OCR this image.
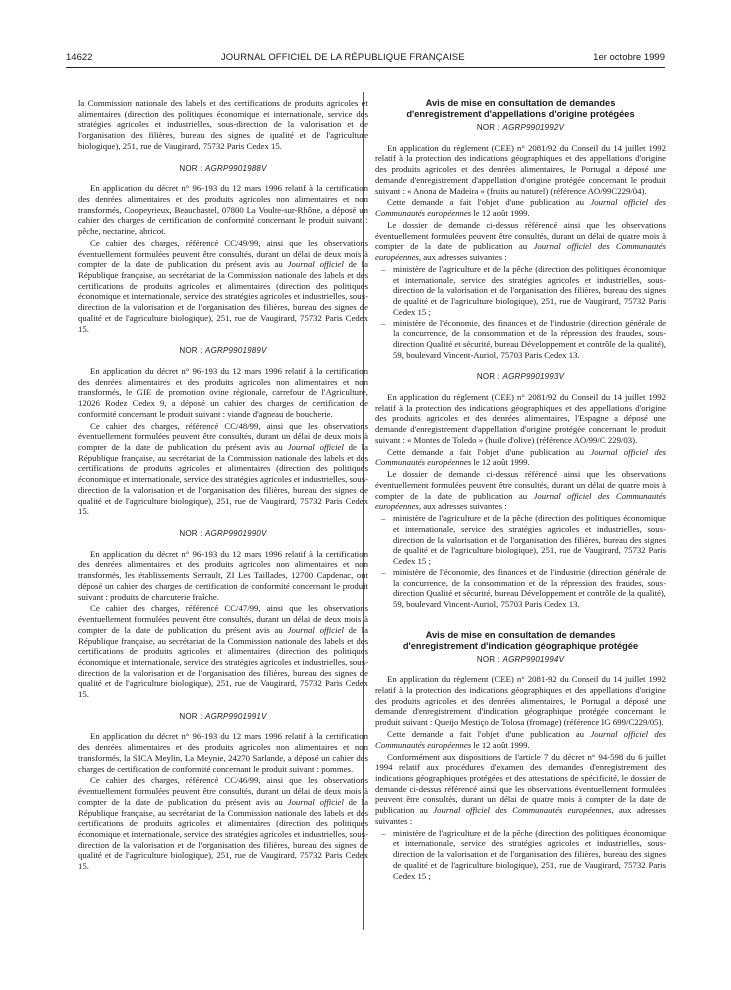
14622	JOURNAL OFFICIEL DE LA RÉPUBLIQUE FRANÇAISE	1er octobre 1999

la Commission nationale des labels et des certifications de produits agricoles et alimentaires (direction des politiques économique et internationale, service des stratégies agricoles et industrielles, sous-direction de la valorisation et de l'organisation des filières, bureau des signes de qualité et de l'agriculture biologique), 251, rue de Vaugirard, 75732 Paris Cedex 15.

NOR : AGRP9901988V

En application du décret n° 96-193 du 12 mars 1996 relatif à la certification des denrées alimentaires et des produits agricoles non alimentaires et non transformés, Coopeyrieux, Beauchastel, 07800 La Voulte-sur-Rhône, a déposé un cahier des charges de certification de conformité concernant le produit suivant : pêche, nectarine, abricot.

Ce cahier des charges, référencé CC/49/99, ainsi que les observations éventuellement formulées peuvent être consultés, durant un délai de deux mois à compter de la date de publication du présent avis au Journal officiel de la République française, au secrétariat de la Commission nationale des labels et des certifications de produits agricoles et alimentaires (direction des politiques économique et internationale, service des stratégies agricoles et industrielles, sous-direction de la valorisation et de l'organisation des filières, bureau des signes de qualité et de l'agriculture biologique), 251, rue de Vaugirard, 75732 Paris Cedex 15.

NOR : AGRP9901989V

En application du décret n° 96-193 du 12 mars 1996 relatif à la certification des denrées alimentaires et des produits agricoles non alimentaires et non transformés, le GIE de promotion ovine régionale, carrefour de l'Agriculture, 12026 Rodez Cedex 9, a déposé un cahier des charges de certification de conformité concernant le produit suivant : viande d'agneau de boucherie.

Ce cahier des charges, référencé CC/48/99, ainsi que les observations éventuellement formulées peuvent être consultés, durant un délai de deux mois à compter de la date de publication du présent avis au Journal officiel de la République française, au secrétariat de la Commission nationale des labels et des certifications de produits agricoles et alimentaires (direction des politiques économique et internationale, service des stratégies agricoles et industrielles, sous-direction de la valorisation et de l'organisation des filières, bureau des signes de qualité et de l'agriculture biologique), 251, rue de Vaugirard, 75732 Paris Cedex 15.

NOR : AGRP9901990V

En application du décret n° 96-193 du 12 mars 1996 relatif à la certification des denrées alimentaires et des produits agricoles non alimentaires et non transformés, les établissements Serrault, ZI Les Taillades, 12700 Capdenac, ont déposé un cahier des charges de certification de conformité concernant le produit suivant : produits de charcuterie fraîche.

Ce cahier des charges, référencé CC/47/99, ainsi que les observations éventuellement formulées peuvent être consultés, durant un délai de deux mois à compter de la date de publication du présent avis au Journal officiel de la République française, au secrétariat de la Commission nationale des labels et des certifications de produits agricoles et alimentaires (direction des politiques économique et internationale, service des stratégies agricoles et industrielles, sous-direction de la valorisation et de l'organisation des filières, bureau des signes de qualité et de l'agriculture biologique), 251, rue de Vaugirard, 75732 Paris Cedex 15.

NOR : AGRP9901991V

En application du décret n° 96-193 du 12 mars 1996 relatif à la certification des denrées alimentaires et des produits agricoles non alimentaires et non transformés, la SICA Meylin, La Meynie, 24270 Sarlande, a déposé un cahier des charges de certification de conformité concernant le produit suivant : pommes.

Ce cahier des charges, référencé CC/46/99, ainsi que les observations éventuellement formulées peuvent être consultés, durant un délai de deux mois à compter de la date de publication du présent avis au Journal officiel de la République française, au secrétariat de la Commission nationale des labels et des certifications de produits agricoles et alimentaires (direction des politiques économique et internationale, service des stratégies agricoles et industrielles, sous-direction de la valorisation et de l'organisation des filières, bureau des signes de qualité et de l'agriculture biologique), 251, rue de Vaugirard, 75732 Paris Cedex 15.

Avis de mise en consultation de demandes
d'enregistrement d'appellations d'origine protégées
NOR : AGRP9901992V

En application du règlement (CEE) n° 2081/92 du Conseil du 14 juillet 1992 relatif à la protection des indications géographiques et des appellations d'origine des produits agricoles et des denrées alimentaires, le Portugal a déposé une demande d'enregistrement d'appellation d'origine protégée concernant le produit suivant : « Anona de Madeira » (fruits au naturel) (référence AO/99C229/04).

Cette demande a fait l'objet d'une publication au Journal officiel des Communautés européennes le 12 août 1999.

Le dossier de demande ci-dessus référencé ainsi que les observations éventuellement formulées peuvent être consultés, durant un délai de quatre mois à compter de la date de publication au Journal officiel des Communautés européennes, aux adresses suivantes :

– ministère de l'agriculture et de la pêche (direction des politiques économique et internationale, service des stratégies agricoles et industrielles, sous-direction de la valorisation et de l'organisation des filières, bureau des signes de qualité et de l'agriculture biologique), 251, rue de Vaugirard, 75732 Paris Cedex 15 ;
– ministère de l'économie, des finances et de l'industrie (direction générale de la concurrence, de la consommation et de la répression des fraudes, sous-direction Qualité et sécurité, bureau Développement et contrôle de la qualité), 59, boulevard Vincent-Auriol, 75703 Paris Cedex 13.
NOR : AGRP9901993V

En application du règlement (CEE) n° 2081/92 du Conseil du 14 juillet 1992 relatif à la protection des indications géographiques et des appellations d'origine des produits agricoles et des denrées alimentaires, l'Espagne a déposé une demande d'enregistrement d'appellation d'origine protégée concernant le produit suivant : « Montes de Toledo » (huile d'olive) (référence AO/99/C 229/03).

Cette demande a fait l'objet d'une publication au Journal officiel des Communautés européennes le 12 août 1999.

Le dossier de demande ci-dessus référencé ainsi que les observations éventuellement formulées peuvent être consultés, durant un délai de quatre mois à compter de la date de publication au Journal officiel des Communautés européennes, aux adresses suivantes :

– ministère de l'agriculture et de la pêche (direction des politiques économique et internationale, service des stratégies agricoles et industrielles, sous-direction de la valorisation et de l'organisation des filières, bureau des signes de qualité et de l'agriculture biologique), 251, rue de Vaugirard, 75732 Paris Cedex 15 ;
– ministère de l'économie, des finances et de l'industrie (direction générale de la concurrence, de la consommation et de la répression des fraudes, sous-direction Qualité et sécurité, bureau Développement et contrôle de la qualité), 59, boulevard Vincent-Auriol, 75703 Paris Cedex 13.
Avis de mise en consultation de demandes
d'enregistrement d'indication géographique protégée
NOR : AGRP9901994V

En application du règlement (CEE) n° 2081-92 du Conseil du 14 juillet 1992 relatif à la protection des indications géographiques et des appellations d'origine des produits agricoles et des denrées alimentaires, le Portugal a déposé une demande d'enregistrement d'indication géographique protégée concernant le produit suivant : Queijo Mestiço de Tolosa (fromage) (référence IG 699/C229/05).

Cette demande a fait l'objet d'une publication au Journal officiel des Communautés européennes le 12 août 1999.

Conformément aux dispositions de l'article 7 du décret n° 94-598 du 6 juillet 1994 relatif aux procédures d'examen des demandes d'enregistrement des indications géographiques protégées et des attestations de spécificité, le dossier de demande ci-dessus référencé ainsi que les observations éventuellement formulées peuvent être consultés, durant un délai de quatre mois à compter de la date de publication au Journal officiel des Communautés européennes, aux adresses suivantes :

– ministère de l'agriculture et de la pêche (direction des politiques économique et internationale, service des stratégies agricoles et industrielles, sous-direction de la valorisation et de l'organisation des filières, bureau des signes de qualité et de l'agriculture biologique), 251, rue de Vaugirard, 75732 Paris Cedex 15 ;
